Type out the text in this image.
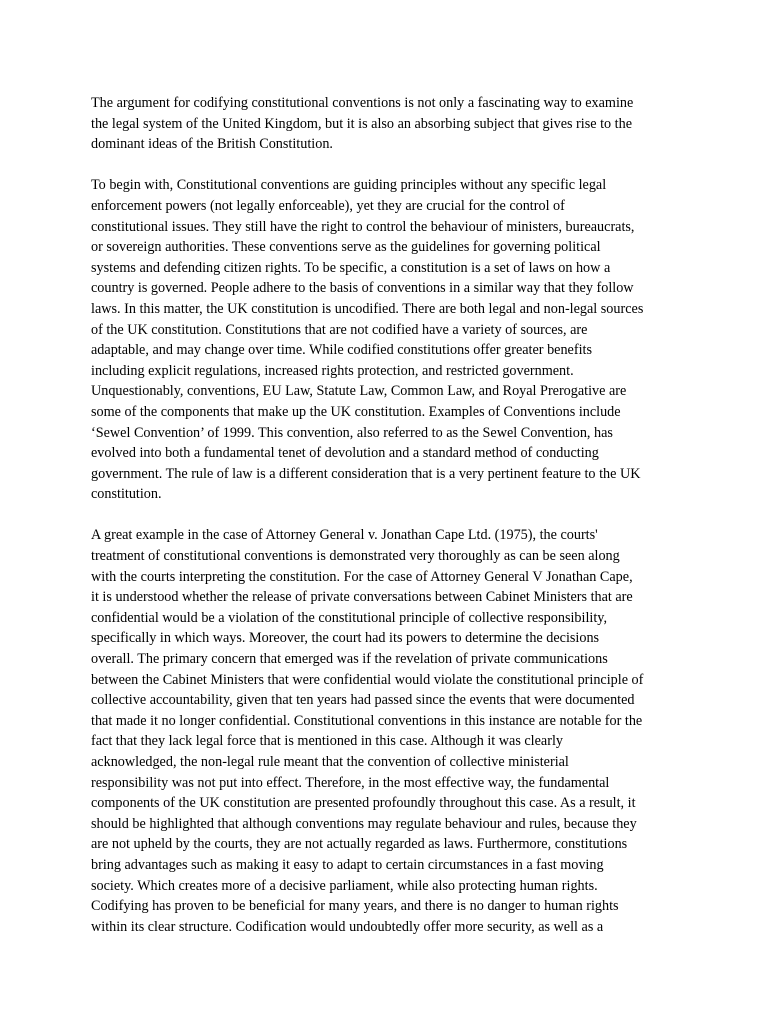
The argument for codifying constitutional conventions is not only a fascinating way to examine
the legal system of the United Kingdom, but it is also an absorbing subject that gives rise to the
dominant ideas of the British Constitution.

To begin with, Constitutional conventions are guiding principles without any specific legal
enforcement powers (not legally enforceable), yet they are crucial for the control of
constitutional issues. They still have the right to control the behaviour of ministers, bureaucrats,
or sovereign authorities. These conventions serve as the guidelines for governing political
systems and defending citizen rights. To be specific, a constitution is a set of laws on how a
country is governed. People adhere to the basis of conventions in a similar way that they follow
laws. In this matter, the UK constitution is uncodified. There are both legal and non-legal sources
of the UK constitution. Constitutions that are not codified have a variety of sources, are
adaptable, and may change over time. While codified constitutions offer greater benefits
including explicit regulations, increased rights protection, and restricted government.
Unquestionably, conventions, EU Law, Statute Law, Common Law, and Royal Prerogative are
some of the components that make up the UK constitution. Examples of Conventions include
‘Sewel Convention’ of 1999. This convention, also referred to as the Sewel Convention, has
evolved into both a fundamental tenet of devolution and a standard method of conducting
government. The rule of law is a different consideration that is a very pertinent feature to the UK
constitution.

A great example in the case of Attorney General v. Jonathan Cape Ltd. (1975), the courts'
treatment of constitutional conventions is demonstrated very thoroughly as can be seen along
with the courts interpreting the constitution. For the case of Attorney General V Jonathan Cape,
it is understood whether the release of private conversations between Cabinet Ministers that are
confidential would be a violation of the constitutional principle of collective responsibility,
specifically in which ways. Moreover, the court had its powers to determine the decisions
overall. The primary concern that emerged was if the revelation of private communications
between the Cabinet Ministers that were confidential would violate the constitutional principle of
collective accountability, given that ten years had passed since the events that were documented
that made it no longer confidential. Constitutional conventions in this instance are notable for the
fact that they lack legal force that is mentioned in this case. Although it was clearly
acknowledged, the non-legal rule meant that the convention of collective ministerial
responsibility was not put into effect. Therefore, in the most effective way, the fundamental
components of the UK constitution are presented profoundly throughout this case. As a result, it
should be highlighted that although conventions may regulate behaviour and rules, because they
are not upheld by the courts, they are not actually regarded as laws. Furthermore, constitutions
bring advantages such as making it easy to adapt to certain circumstances in a fast moving
society. Which creates more of a decisive parliament, while also protecting human rights.
Codifying has proven to be beneficial for many years, and there is no danger to human rights
within its clear structure. Codification would undoubtedly offer more security, as well as a
